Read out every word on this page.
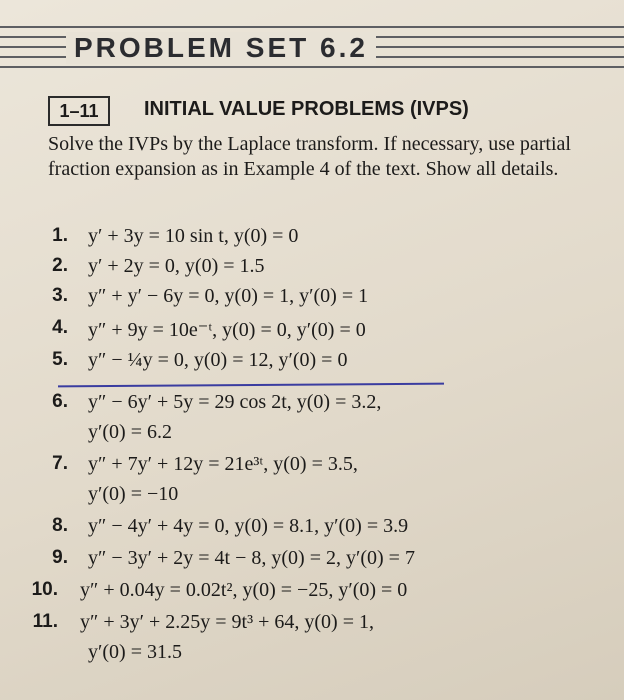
PROBLEM SET 6.2
1–11	INITIAL VALUE PROBLEMS (IVPS)
Solve the IVPs by the Laplace transform. If necessary, use partial fraction expansion as in Example 4 of the text. Show all details.
1. y′ + 3y = 10 sin t, y(0) = 0
2. y′ + 2y = 0, y(0) = 1.5
3. y″ + y′ − 6y = 0, y(0) = 1, y′(0) = 1
4. y″ + 9y = 10e⁻ᵗ, y(0) = 0, y′(0) = 0
5. y″ − ¼y = 0, y(0) = 12, y′(0) = 0
6. y″ − 6y′ + 5y = 29 cos 2t, y(0) = 3.2,
y′(0) = 6.2
7. y″ + 7y′ + 12y = 21e³ᵗ, y(0) = 3.5,
y′(0) = −10
8. y″ − 4y′ + 4y = 0, y(0) = 8.1, y′(0) = 3.9
9. y″ − 3y′ + 2y = 4t − 8, y(0) = 2, y′(0) = 7
10. y″ + 0.04y = 0.02t², y(0) = −25, y′(0) = 0
11. y″ + 3y′ + 2.25y = 9t³ + 64, y(0) = 1,
y′(0) = 31.5
